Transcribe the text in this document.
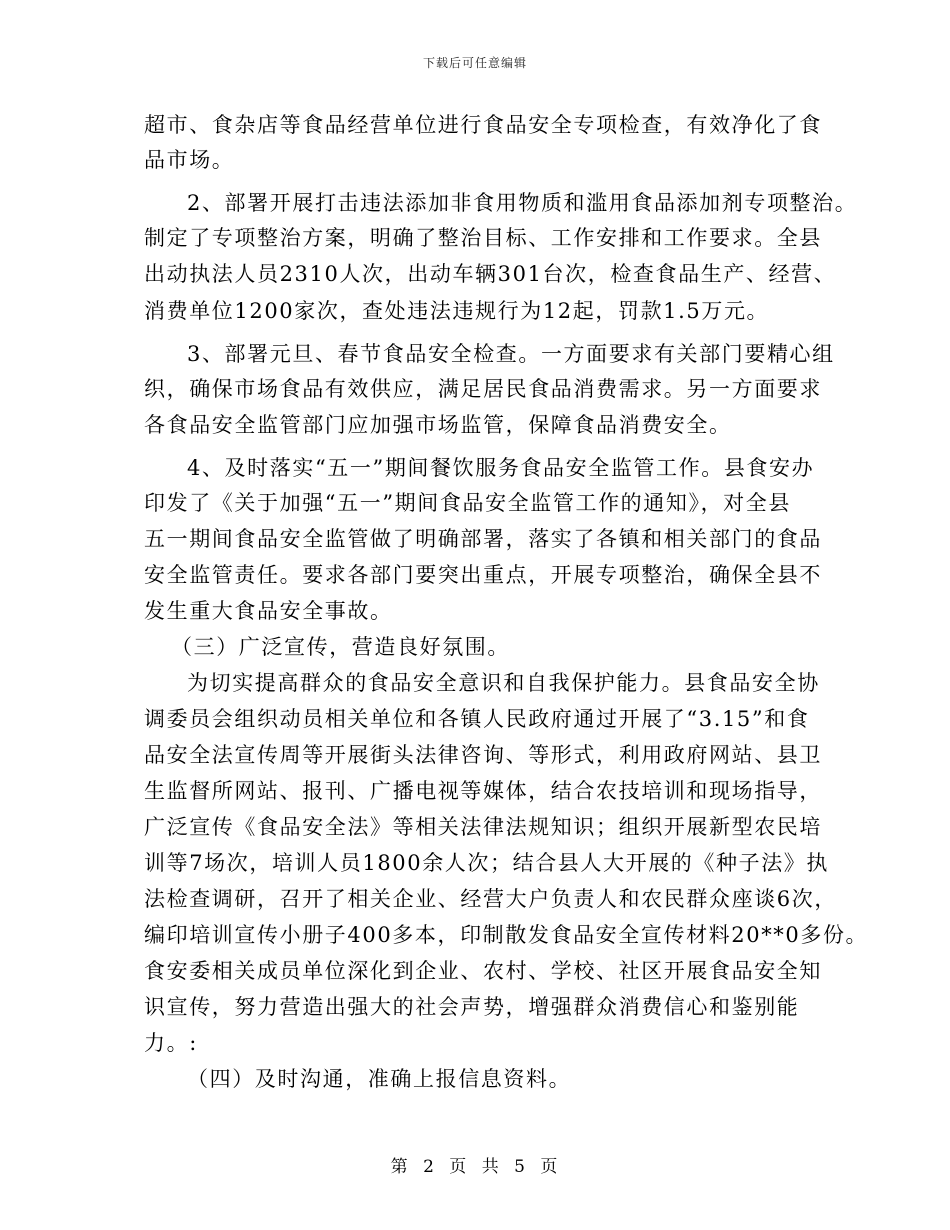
下载后可任意编辑
超市、食杂店等食品经营单位进行食品安全专项检查，有效净化了食
品市场。
2、部署开展打击违法添加非食用物质和滥用食品添加剂专项整治。
制定了专项整治方案，明确了整治目标、工作安排和工作要求。全县
出动执法人员2310人次，出动车辆301台次，检查食品生产、经营、
消费单位1200家次，查处违法违规行为12起，罚款1.5万元。
3、部署元旦、春节食品安全检查。一方面要求有关部门要精心组
织，确保市场食品有效供应，满足居民食品消费需求。另一方面要求
各食品安全监管部门应加强市场监管，保障食品消费安全。
4、及时落实“五一”期间餐饮服务食品安全监管工作。县食安办
印发了《关于加强“五一”期间食品安全监管工作的通知》，对全县
五一期间食品安全监管做了明确部署，落实了各镇和相关部门的食品
安全监管责任。要求各部门要突出重点，开展专项整治，确保全县不
发生重大食品安全事故。
（三）广泛宣传，营造良好氛围。
为切实提高群众的食品安全意识和自我保护能力。县食品安全协
调委员会组织动员相关单位和各镇人民政府通过开展了“3.15”和食
品安全法宣传周等开展街头法律咨询、等形式，利用政府网站、县卫
生监督所网站、报刊、广播电视等媒体，结合农技培训和现场指导，
广泛宣传《食品安全法》等相关法律法规知识；组织开展新型农民培
训等7场次，培训人员1800余人次；结合县人大开展的《种子法》执
法检查调研，召开了相关企业、经营大户负责人和农民群众座谈6次，
编印培训宣传小册子400多本，印制散发食品安全宣传材料20**0多份。
食安委相关成员单位深化到企业、农村、学校、社区开展食品安全知
识宣传，努力营造出强大的社会声势，增强群众消费信心和鉴别能
力。:
（四）及时沟通，准确上报信息资料。
第 2 页 共 5 页
